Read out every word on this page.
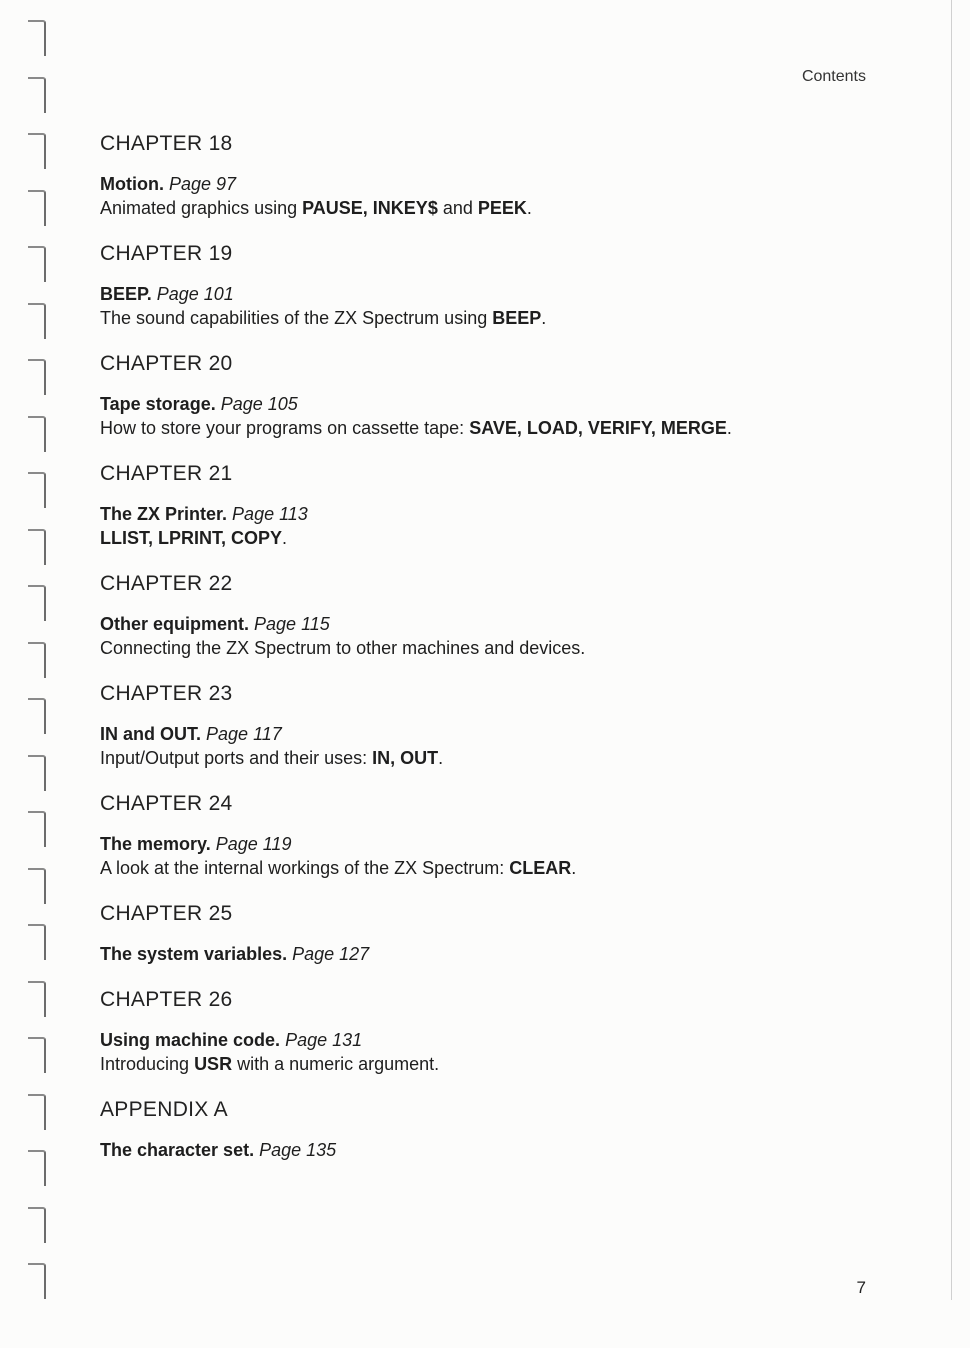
Contents
CHAPTER 18
Motion. Page 97
Animated graphics using PAUSE, INKEY$ and PEEK.
CHAPTER 19
BEEP. Page 101
The sound capabilities of the ZX Spectrum using BEEP.
CHAPTER 20
Tape storage. Page 105
How to store your programs on cassette tape: SAVE, LOAD, VERIFY, MERGE.
CHAPTER 21
The ZX Printer. Page 113
LLIST, LPRINT, COPY.
CHAPTER 22
Other equipment. Page 115
Connecting the ZX Spectrum to other machines and devices.
CHAPTER 23
IN and OUT. Page 117
Input/Output ports and their uses: IN, OUT.
CHAPTER 24
The memory. Page 119
A look at the internal workings of the ZX Spectrum: CLEAR.
CHAPTER 25
The system variables. Page 127
CHAPTER 26
Using machine code. Page 131
Introducing USR with a numeric argument.
APPENDIX A
The character set. Page 135
7
